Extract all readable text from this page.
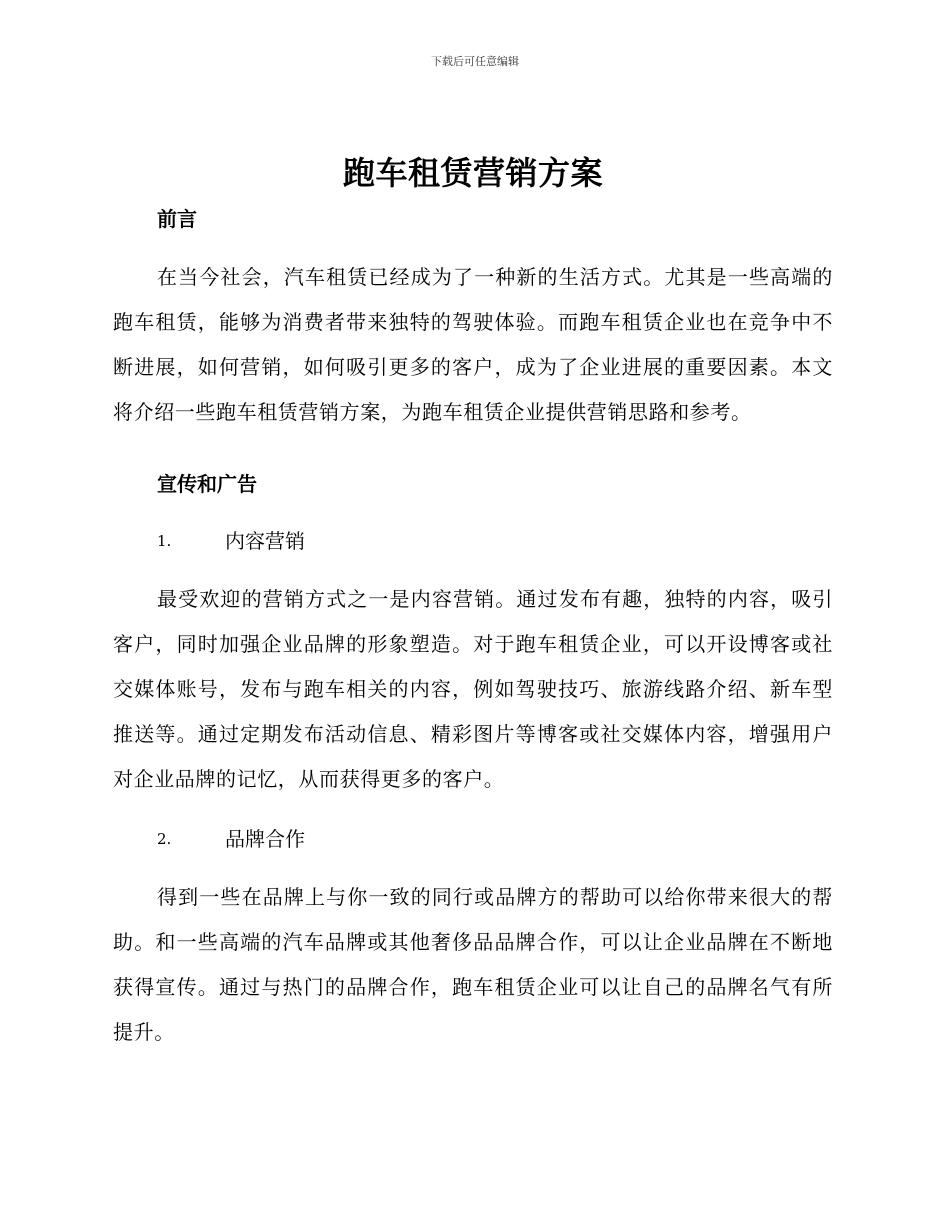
下载后可任意编辑
跑车租赁营销方案
前言

在当今社会，汽车租赁已经成为了一种新的生活方式。尤其是一些高端的跑车租赁，能够为消费者带来独特的驾驶体验。而跑车租赁企业也在竞争中不断进展，如何营销，如何吸引更多的客户，成为了企业进展的重要因素。本文将介绍一些跑车租赁营销方案，为跑车租赁企业提供营销思路和参考。

宣传和广告
1.	内容营销

最受欢迎的营销方式之一是内容营销。通过发布有趣，独特的内容，吸引客户，同时加强企业品牌的形象塑造。对于跑车租赁企业，可以开设博客或社交媒体账号，发布与跑车相关的内容，例如驾驶技巧、旅游线路介绍、新车型推送等。通过定期发布活动信息、精彩图片等博客或社交媒体内容，增强用户对企业品牌的记忆，从而获得更多的客户。

2.	品牌合作

得到一些在品牌上与你一致的同行或品牌方的帮助可以给你带来很大的帮助。和一些高端的汽车品牌或其他奢侈品品牌合作，可以让企业品牌在不断地获得宣传。通过与热门的品牌合作，跑车租赁企业可以让自己的品牌名气有所提升。
